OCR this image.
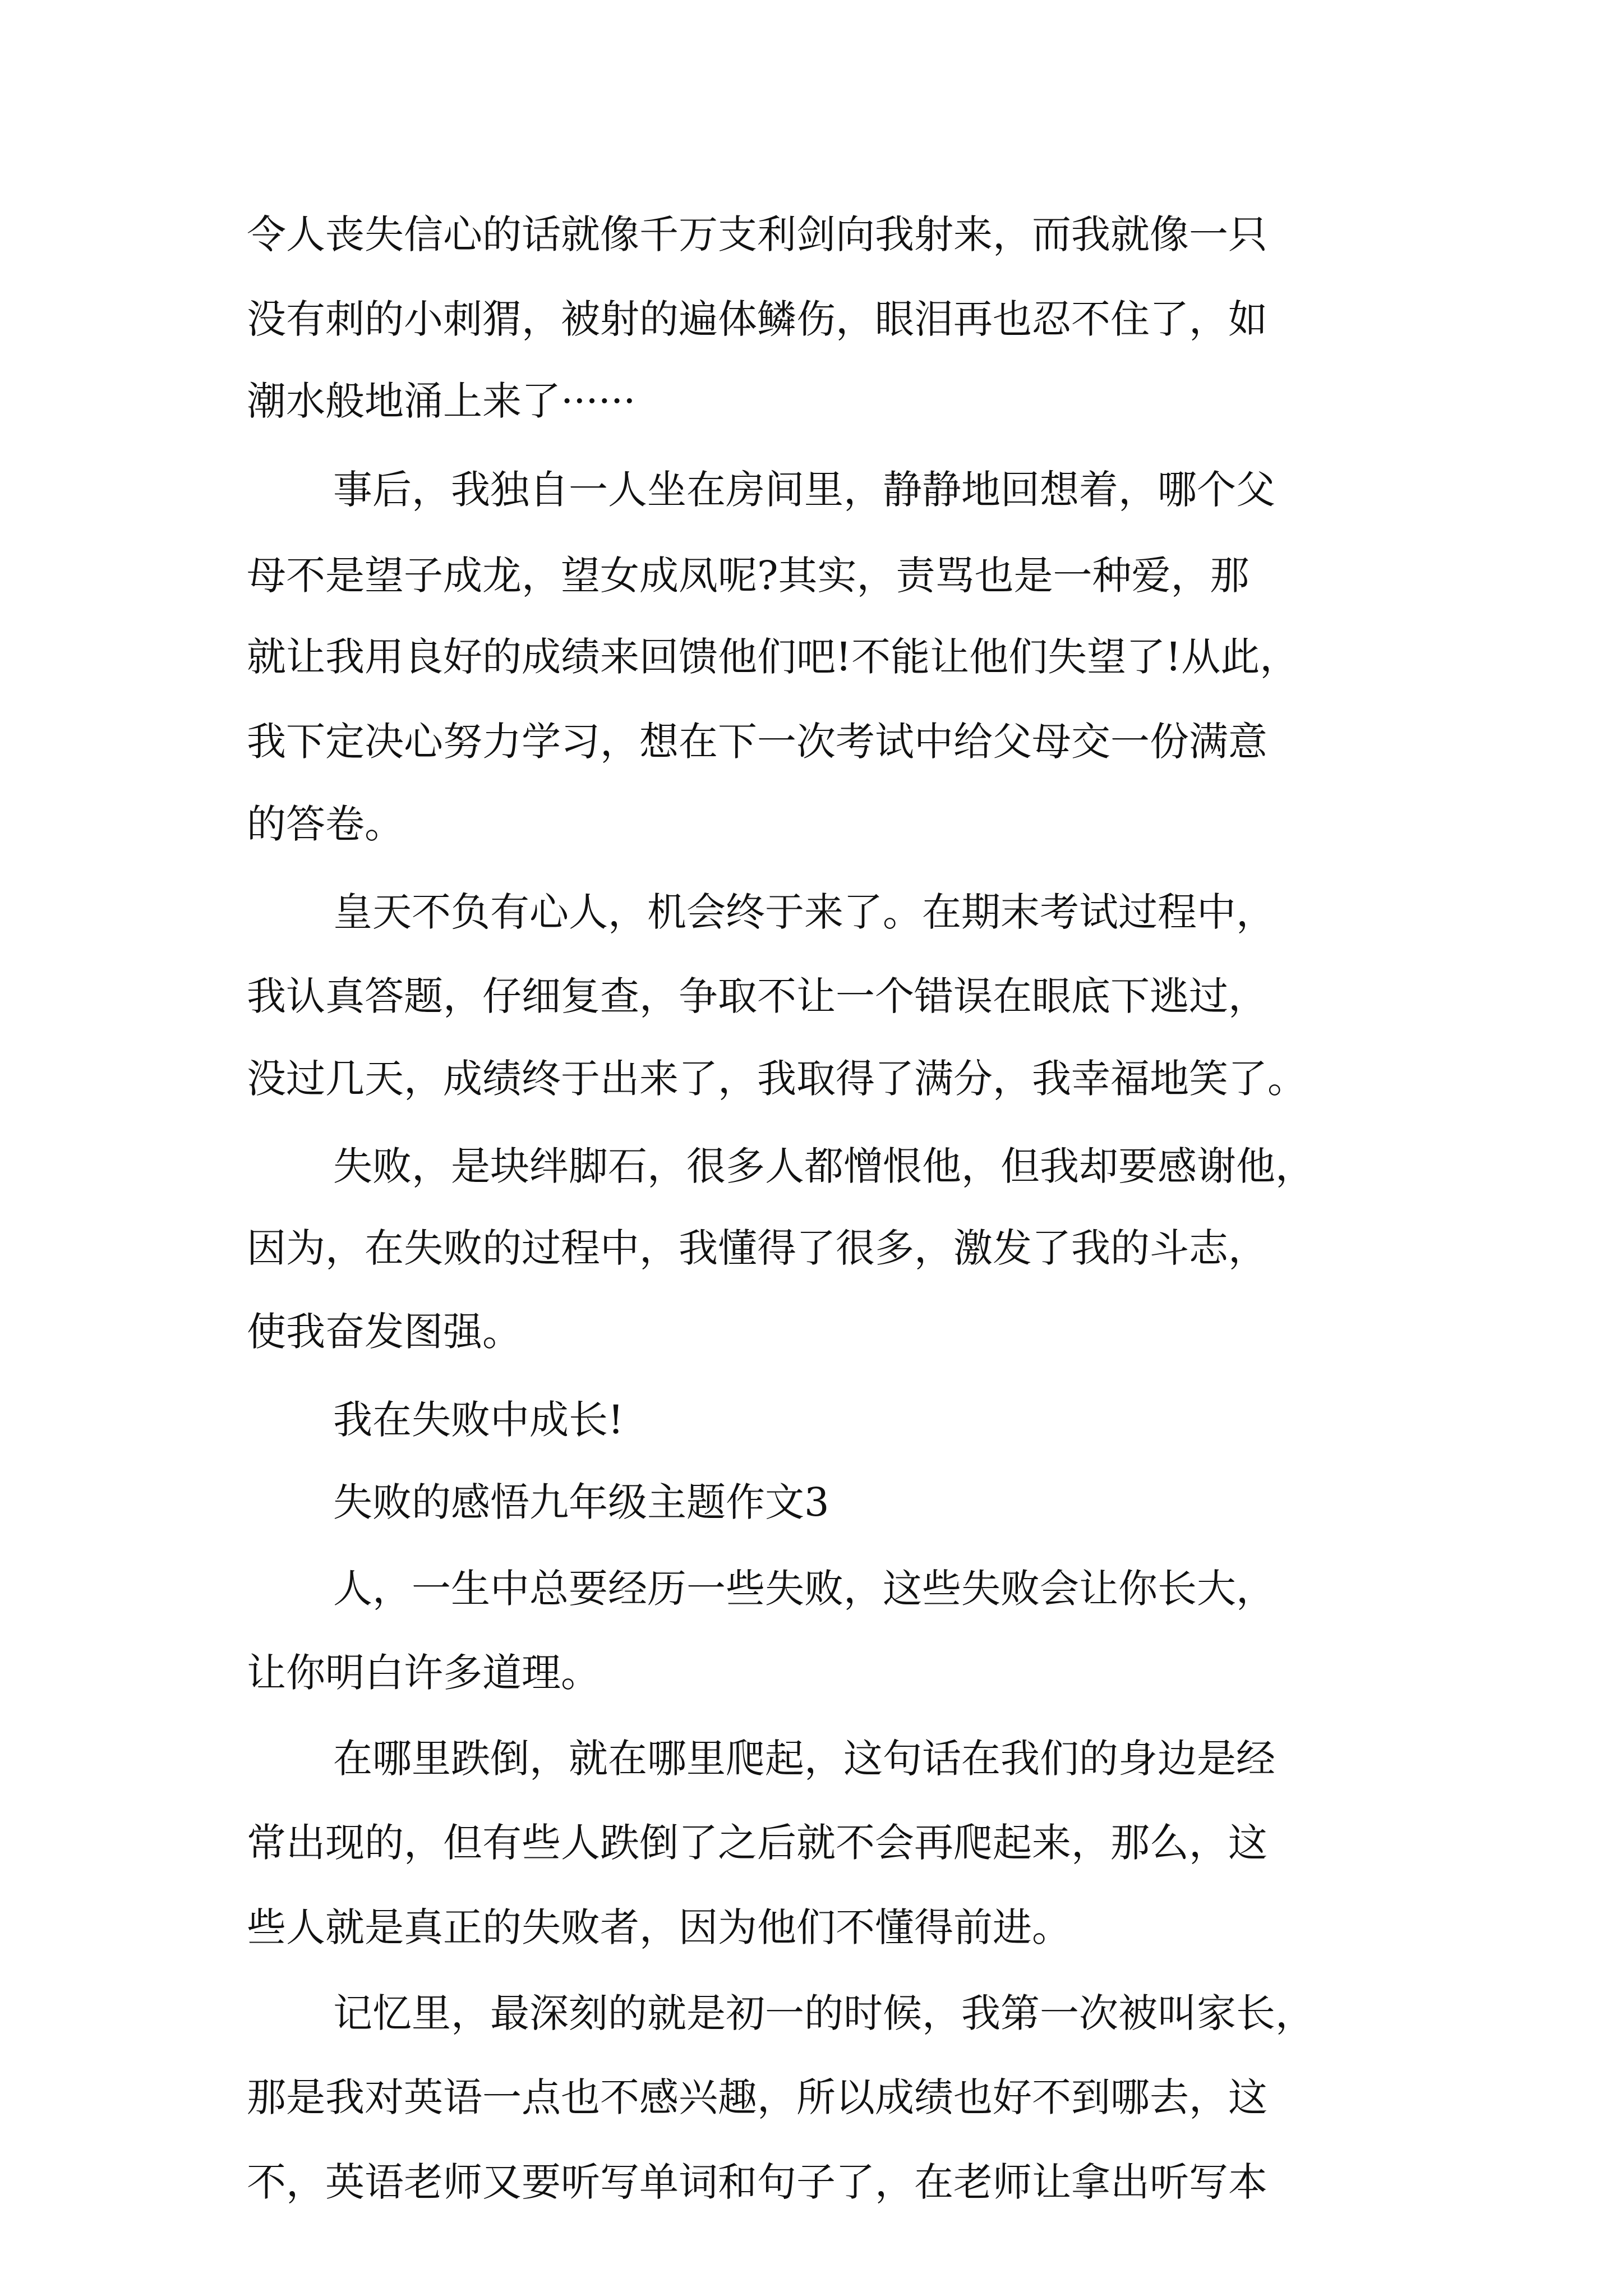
令人丧失信心的话就像千万支利剑向我射来，而我就像一只
没有刺的小刺猬，被射的遍体鳞伤，眼泪再也忍不住了，如
潮水般地涌上来了······
事后，我独自一人坐在房间里，静静地回想着，哪个父
母不是望子成龙，望女成凤呢?其实，责骂也是一种爱，那
就让我用良好的成绩来回馈他们吧!不能让他们失望了!从此，
我下定决心努力学习，想在下一次考试中给父母交一份满意
的答卷。
皇天不负有心人，机会终于来了。在期末考试过程中，
我认真答题，仔细复查，争取不让一个错误在眼底下逃过，
没过几天，成绩终于出来了，我取得了满分，我幸福地笑了。
失败，是块绊脚石，很多人都憎恨他，但我却要感谢他，
因为，在失败的过程中，我懂得了很多，激发了我的斗志，
使我奋发图强。
我在失败中成长!
失败的感悟九年级主题作文3
人，一生中总要经历一些失败，这些失败会让你长大，
让你明白许多道理。
在哪里跌倒，就在哪里爬起，这句话在我们的身边是经
常出现的，但有些人跌倒了之后就不会再爬起来，那么，这
些人就是真正的失败者，因为他们不懂得前进。
记忆里，最深刻的就是初一的时候，我第一次被叫家长，
那是我对英语一点也不感兴趣，所以成绩也好不到哪去，这
不，英语老师又要听写单词和句子了，在老师让拿出听写本
